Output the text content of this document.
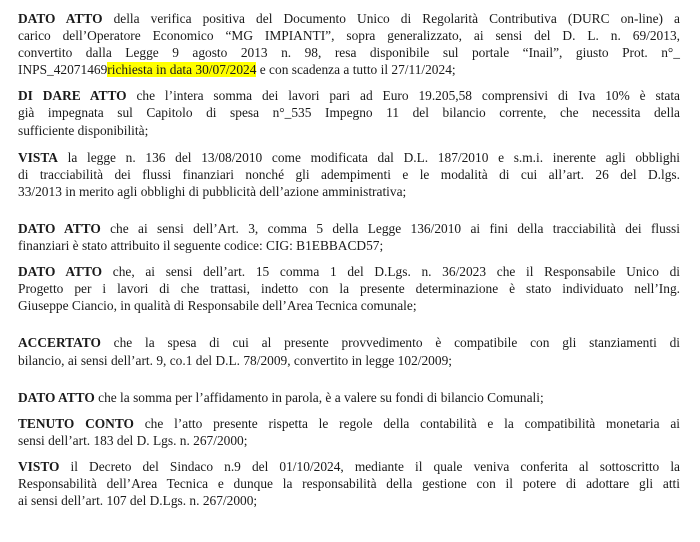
DATO ATTO della verifica positiva del Documento Unico di Regolarità Contributiva (DURC on-line) a
carico dell’Operatore Economico “MG IMPIANTI”, sopra generalizzato, ai sensi del D. L. n. 69/2013,
convertito dalla Legge 9 agosto 2013 n. 98, resa disponibile sul portale “Inail”, giusto Prot. n°_
INPS_42071469richiesta in data 30/07/2024 e con scadenza a tutto il 27/11/2024;

DI DARE ATTO che l’intera somma dei lavori pari ad Euro 19.205,58 comprensivi di Iva 10% è stata
già impegnata sul Capitolo di spesa n°_535 Impegno 11 del bilancio corrente, che necessita della
sufficiente disponibilità;

VISTA la legge n. 136 del 13/08/2010 come modificata dal D.L. 187/2010 e s.m.i. inerente agli obblighi
di tracciabilità dei flussi finanziari nonché gli adempimenti e le modalità di cui all’art. 26 del D.lgs.
33/2013 in merito agli obblighi di pubblicità dell’azione amministrativa;

DATO ATTO che ai sensi dell’Art. 3, comma 5 della Legge 136/2010 ai fini della tracciabilità dei flussi
finanziari è stato attribuito il seguente codice: CIG: B1EBBACD57;

DATO ATTO che, ai sensi dell’art. 15 comma 1 del D.Lgs. n. 36/2023 che il Responsabile Unico di
Progetto per i lavori di che trattasi, indetto con la presente determinazione è stato individuato nell’Ing.
Giuseppe Ciancio, in qualità di Responsabile dell’Area Tecnica comunale;

ACCERTATO che la spesa di cui al presente provvedimento è compatibile con gli stanziamenti di
bilancio, ai sensi dell’art. 9, co.1 del D.L. 78/2009, convertito in legge 102/2009;

DATO ATTO che la somma per l’affidamento in parola, è a valere su fondi di bilancio Comunali;

TENUTO CONTO che l’atto presente rispetta le regole della contabilità e la compatibilità monetaria ai
sensi dell’art. 183 del D. Lgs. n. 267/2000;

VISTO il Decreto del Sindaco n.9 del 01/10/2024, mediante il quale veniva conferita al sottoscritto la
Responsabilità dell’Area Tecnica e dunque la responsabilità della gestione con il potere di adottare gli atti
ai sensi dell’art. 107 del D.Lgs. n. 267/2000;
